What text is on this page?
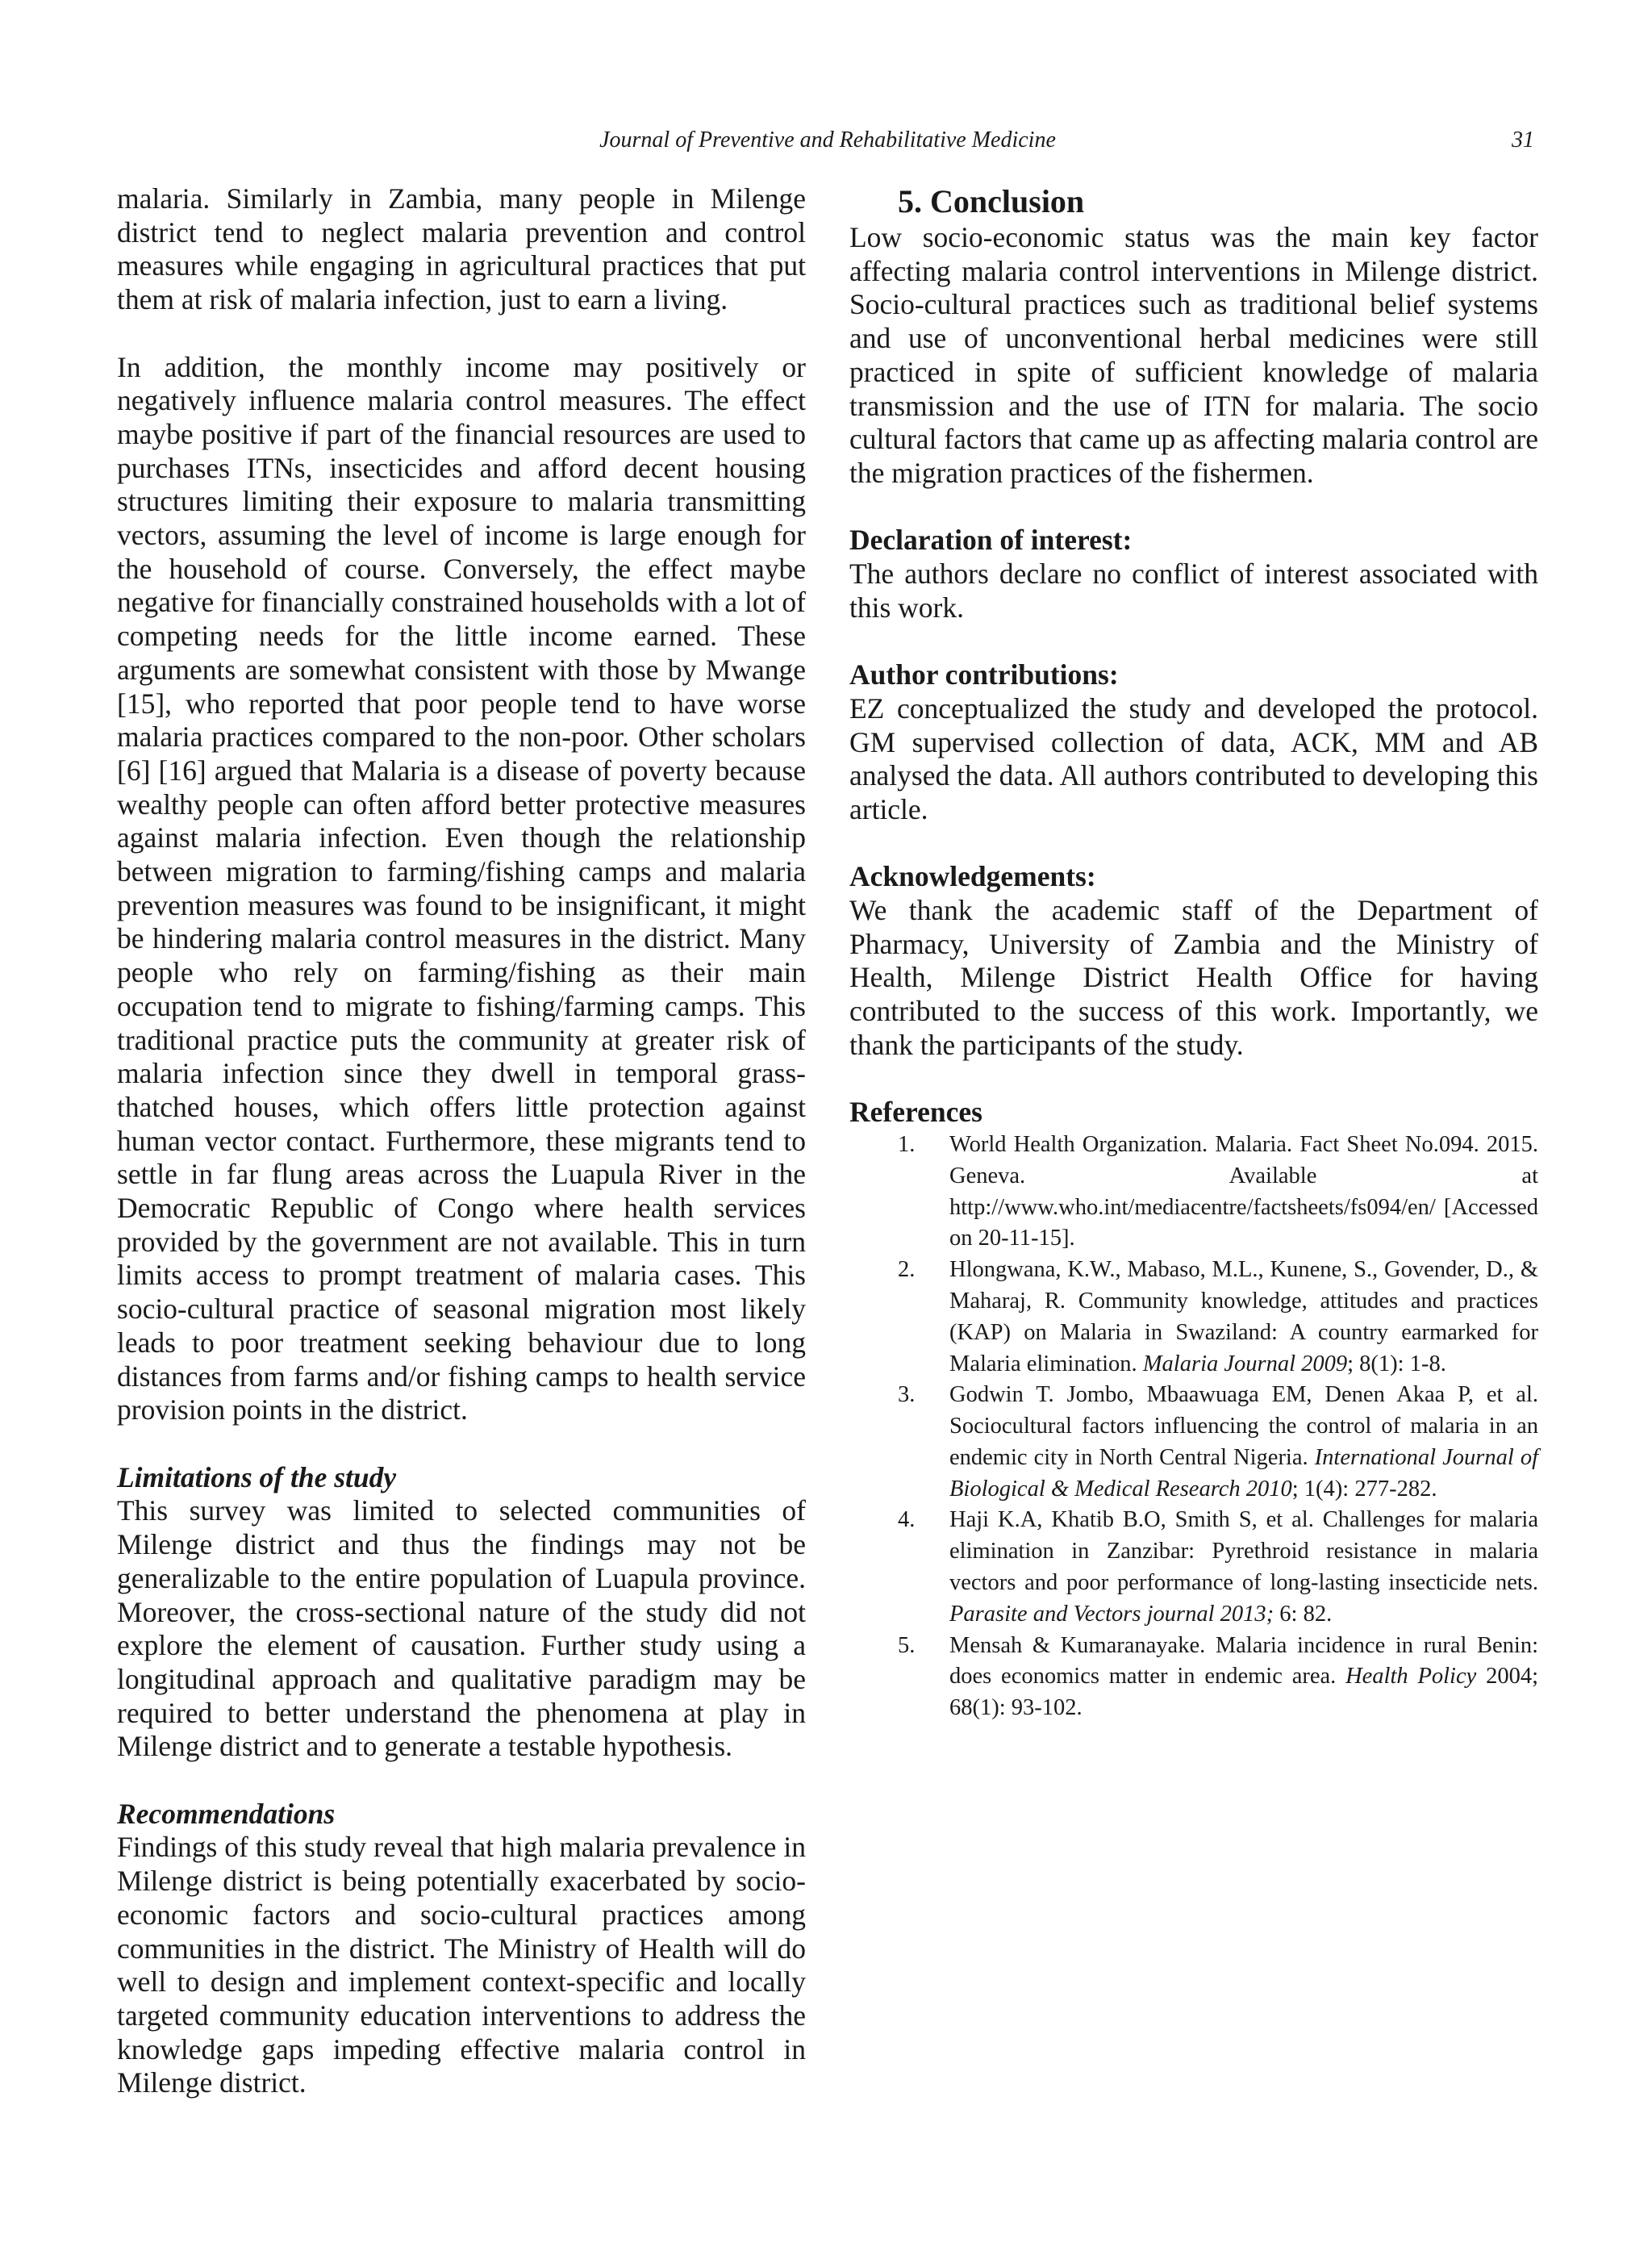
Journal of Preventive and Rehabilitative Medicine	31

malaria. Similarly in Zambia, many people in Milenge district tend to neglect malaria prevention and control measures while engaging in agricultural practices that put them at risk of malaria infection, just to earn a living.

In addition, the monthly income may positively or negatively influence malaria control measures. The effect maybe positive if part of the financial resources are used to purchases ITNs, insecticides and afford decent housing structures limiting their exposure to malaria transmitting vectors, assuming the level of income is large enough for the household of course. Conversely, the effect maybe negative for financially constrained households with a lot of competing needs for the little income earned. These arguments are somewhat consistent with those by Mwange [15], who reported that poor people tend to have worse malaria practices compared to the non-poor. Other scholars [6] [16] argued that Malaria is a disease of poverty because wealthy people can often afford better protective measures against malaria infection. Even though the relationship between migration to farming/fishing camps and malaria prevention measures was found to be insignificant, it might be hindering malaria control measures in the district. Many people who rely on farming/fishing as their main occupation tend to migrate to fishing/farming camps. This traditional practice puts the community at greater risk of malaria infection since they dwell in temporal grass-thatched houses, which offers little protection against human vector contact. Furthermore, these migrants tend to settle in far flung areas across the Luapula River in the Democratic Republic of Congo where health services provided by the government are not available. This in turn limits access to prompt treatment of malaria cases. This socio-cultural practice of seasonal migration most likely leads to poor treatment seeking behaviour due to long distances from farms and/or fishing camps to health service provision points in the district.

Limitations of the study

This survey was limited to selected communities of Milenge district and thus the findings may not be generalizable to the entire population of Luapula province. Moreover, the cross-sectional nature of the study did not explore the element of causation. Further study using a longitudinal approach and qualitative paradigm may be required to better understand the phenomena at play in Milenge district and to generate a testable hypothesis.

Recommendations

Findings of this study reveal that high malaria prevalence in Milenge district is being potentially exacerbated by socio-economic factors and socio-cultural practices among communities in the district. The Ministry of Health will do well to design and implement context-specific and locally targeted community education interventions to address the knowledge gaps impeding effective malaria control in Milenge district.

5. Conclusion

Low socio-economic status was the main key factor affecting malaria control interventions in Milenge district. Socio-cultural practices such as traditional belief systems and use of unconventional herbal medicines were still practiced in spite of sufficient knowledge of malaria transmission and the use of ITN for malaria. The socio cultural factors that came up as affecting malaria control are the migration practices of the fishermen.

Declaration of interest:

The authors declare no conflict of interest associated with this work.

Author contributions:

EZ conceptualized the study and developed the protocol. GM supervised collection of data, ACK, MM and AB analysed the data. All authors contributed to developing this article.

Acknowledgements:

We thank the academic staff of the Department of Pharmacy, University of Zambia and the Ministry of Health, Milenge District Health Office for having contributed to the success of this work. Importantly, we thank the participants of the study.

References

1. World Health Organization. Malaria. Fact Sheet No.094. 2015. Geneva. Available at http://www.who.int/mediacentre/factsheets/fs094/en/ [Accessed on 20-11-15].
2. Hlongwana, K.W., Mabaso, M.L., Kunene, S., Govender, D., & Maharaj, R. Community knowledge, attitudes and practices (KAP) on Malaria in Swaziland: A country earmarked for Malaria elimination. Malaria Journal 2009; 8(1): 1-8.
3. Godwin T. Jombo, Mbaawuaga EM, Denen Akaa P, et al. Sociocultural factors influencing the control of malaria in an endemic city in North Central Nigeria. International Journal of Biological & Medical Research 2010; 1(4): 277-282.
4. Haji K.A, Khatib B.O, Smith S, et al. Challenges for malaria elimination in Zanzibar: Pyrethroid resistance in malaria vectors and poor performance of long-lasting insecticide nets. Parasite and Vectors journal 2013; 6: 82.
5. Mensah & Kumaranayake. Malaria incidence in rural Benin: does economics matter in endemic area. Health Policy 2004; 68(1): 93-102.
